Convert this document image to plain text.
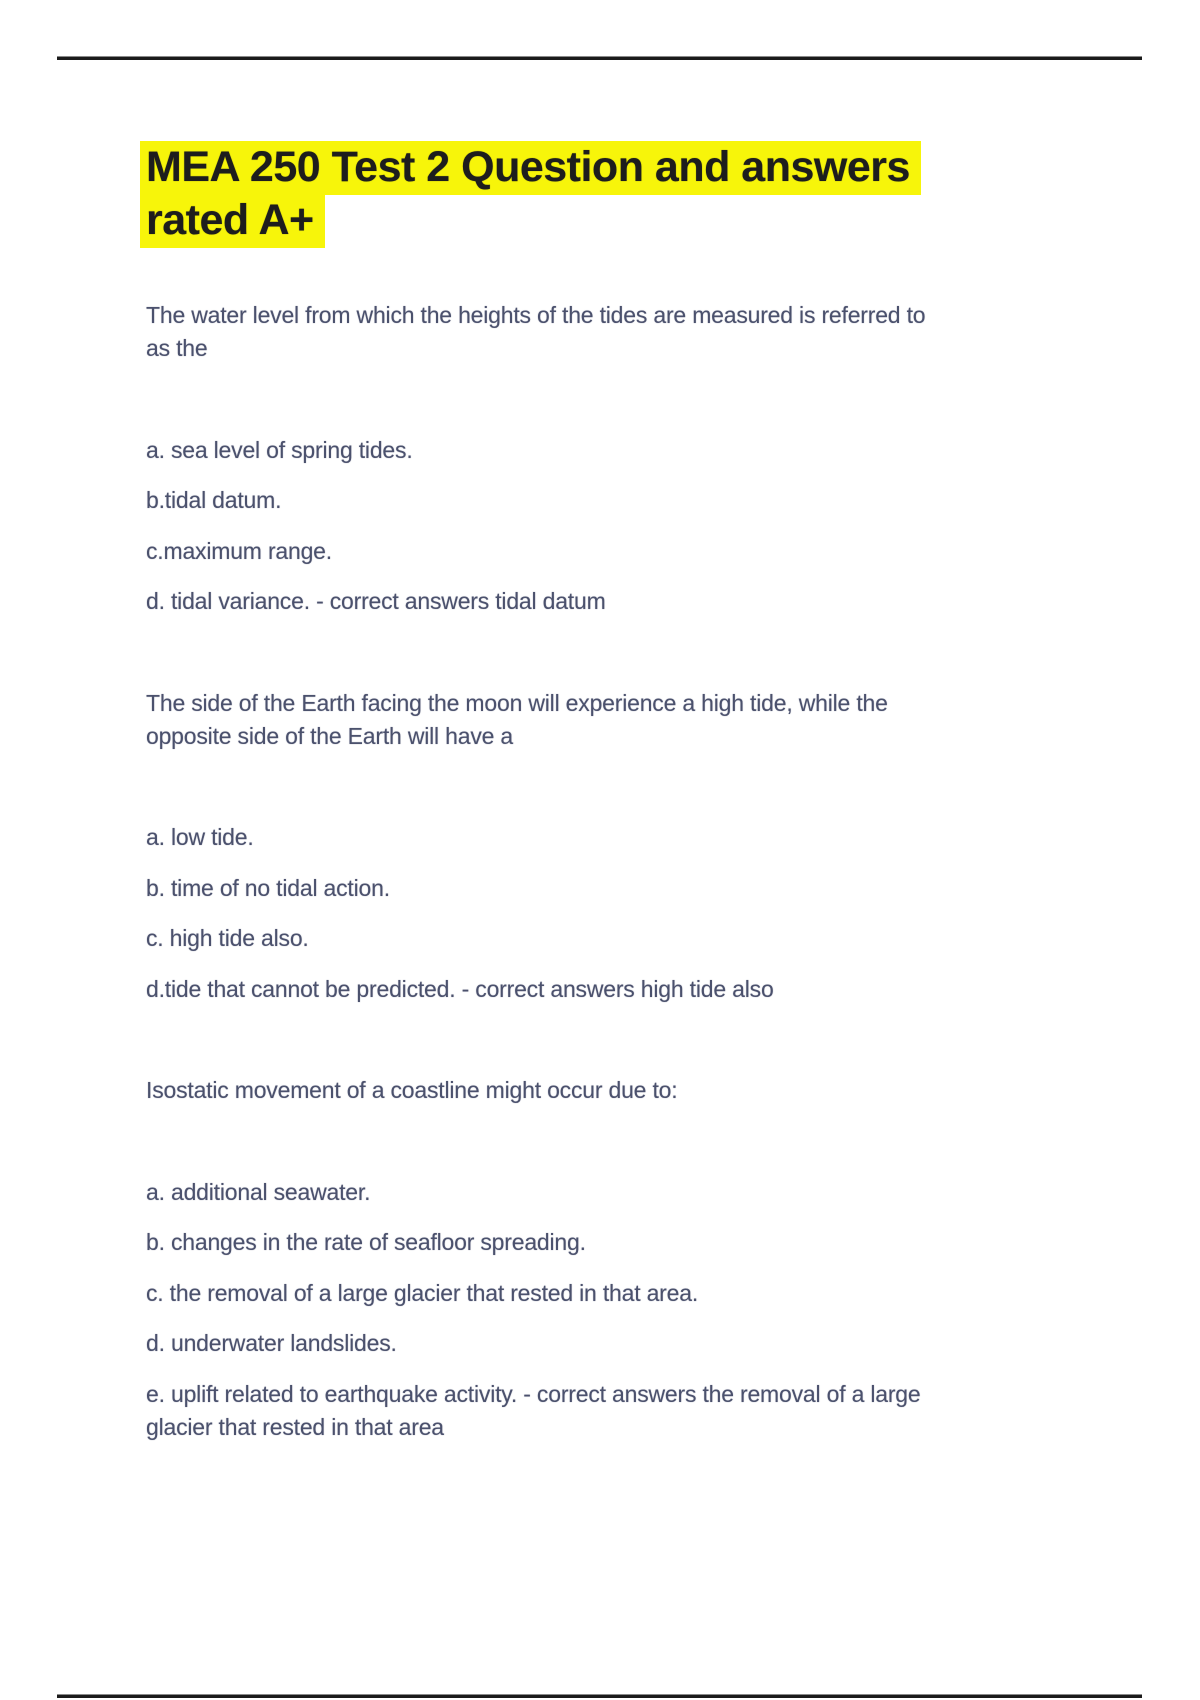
MEA 250 Test 2 Question and answers
rated A+
The water level from which the heights of the tides are measured is referred to
as the
a. sea level of spring tides.
b.tidal datum.
c.maximum range.
d. tidal variance. - correct answers tidal datum
The side of the Earth facing the moon will experience a high tide, while the
opposite side of the Earth will have a
a. low tide.
b. time of no tidal action.
c. high tide also.
d.tide that cannot be predicted. - correct answers high tide also
Isostatic movement of a coastline might occur due to:
a. additional seawater.
b. changes in the rate of seafloor spreading.
c. the removal of a large glacier that rested in that area.
d. underwater landslides.
e. uplift related to earthquake activity. - correct answers the removal of a large
glacier that rested in that area
